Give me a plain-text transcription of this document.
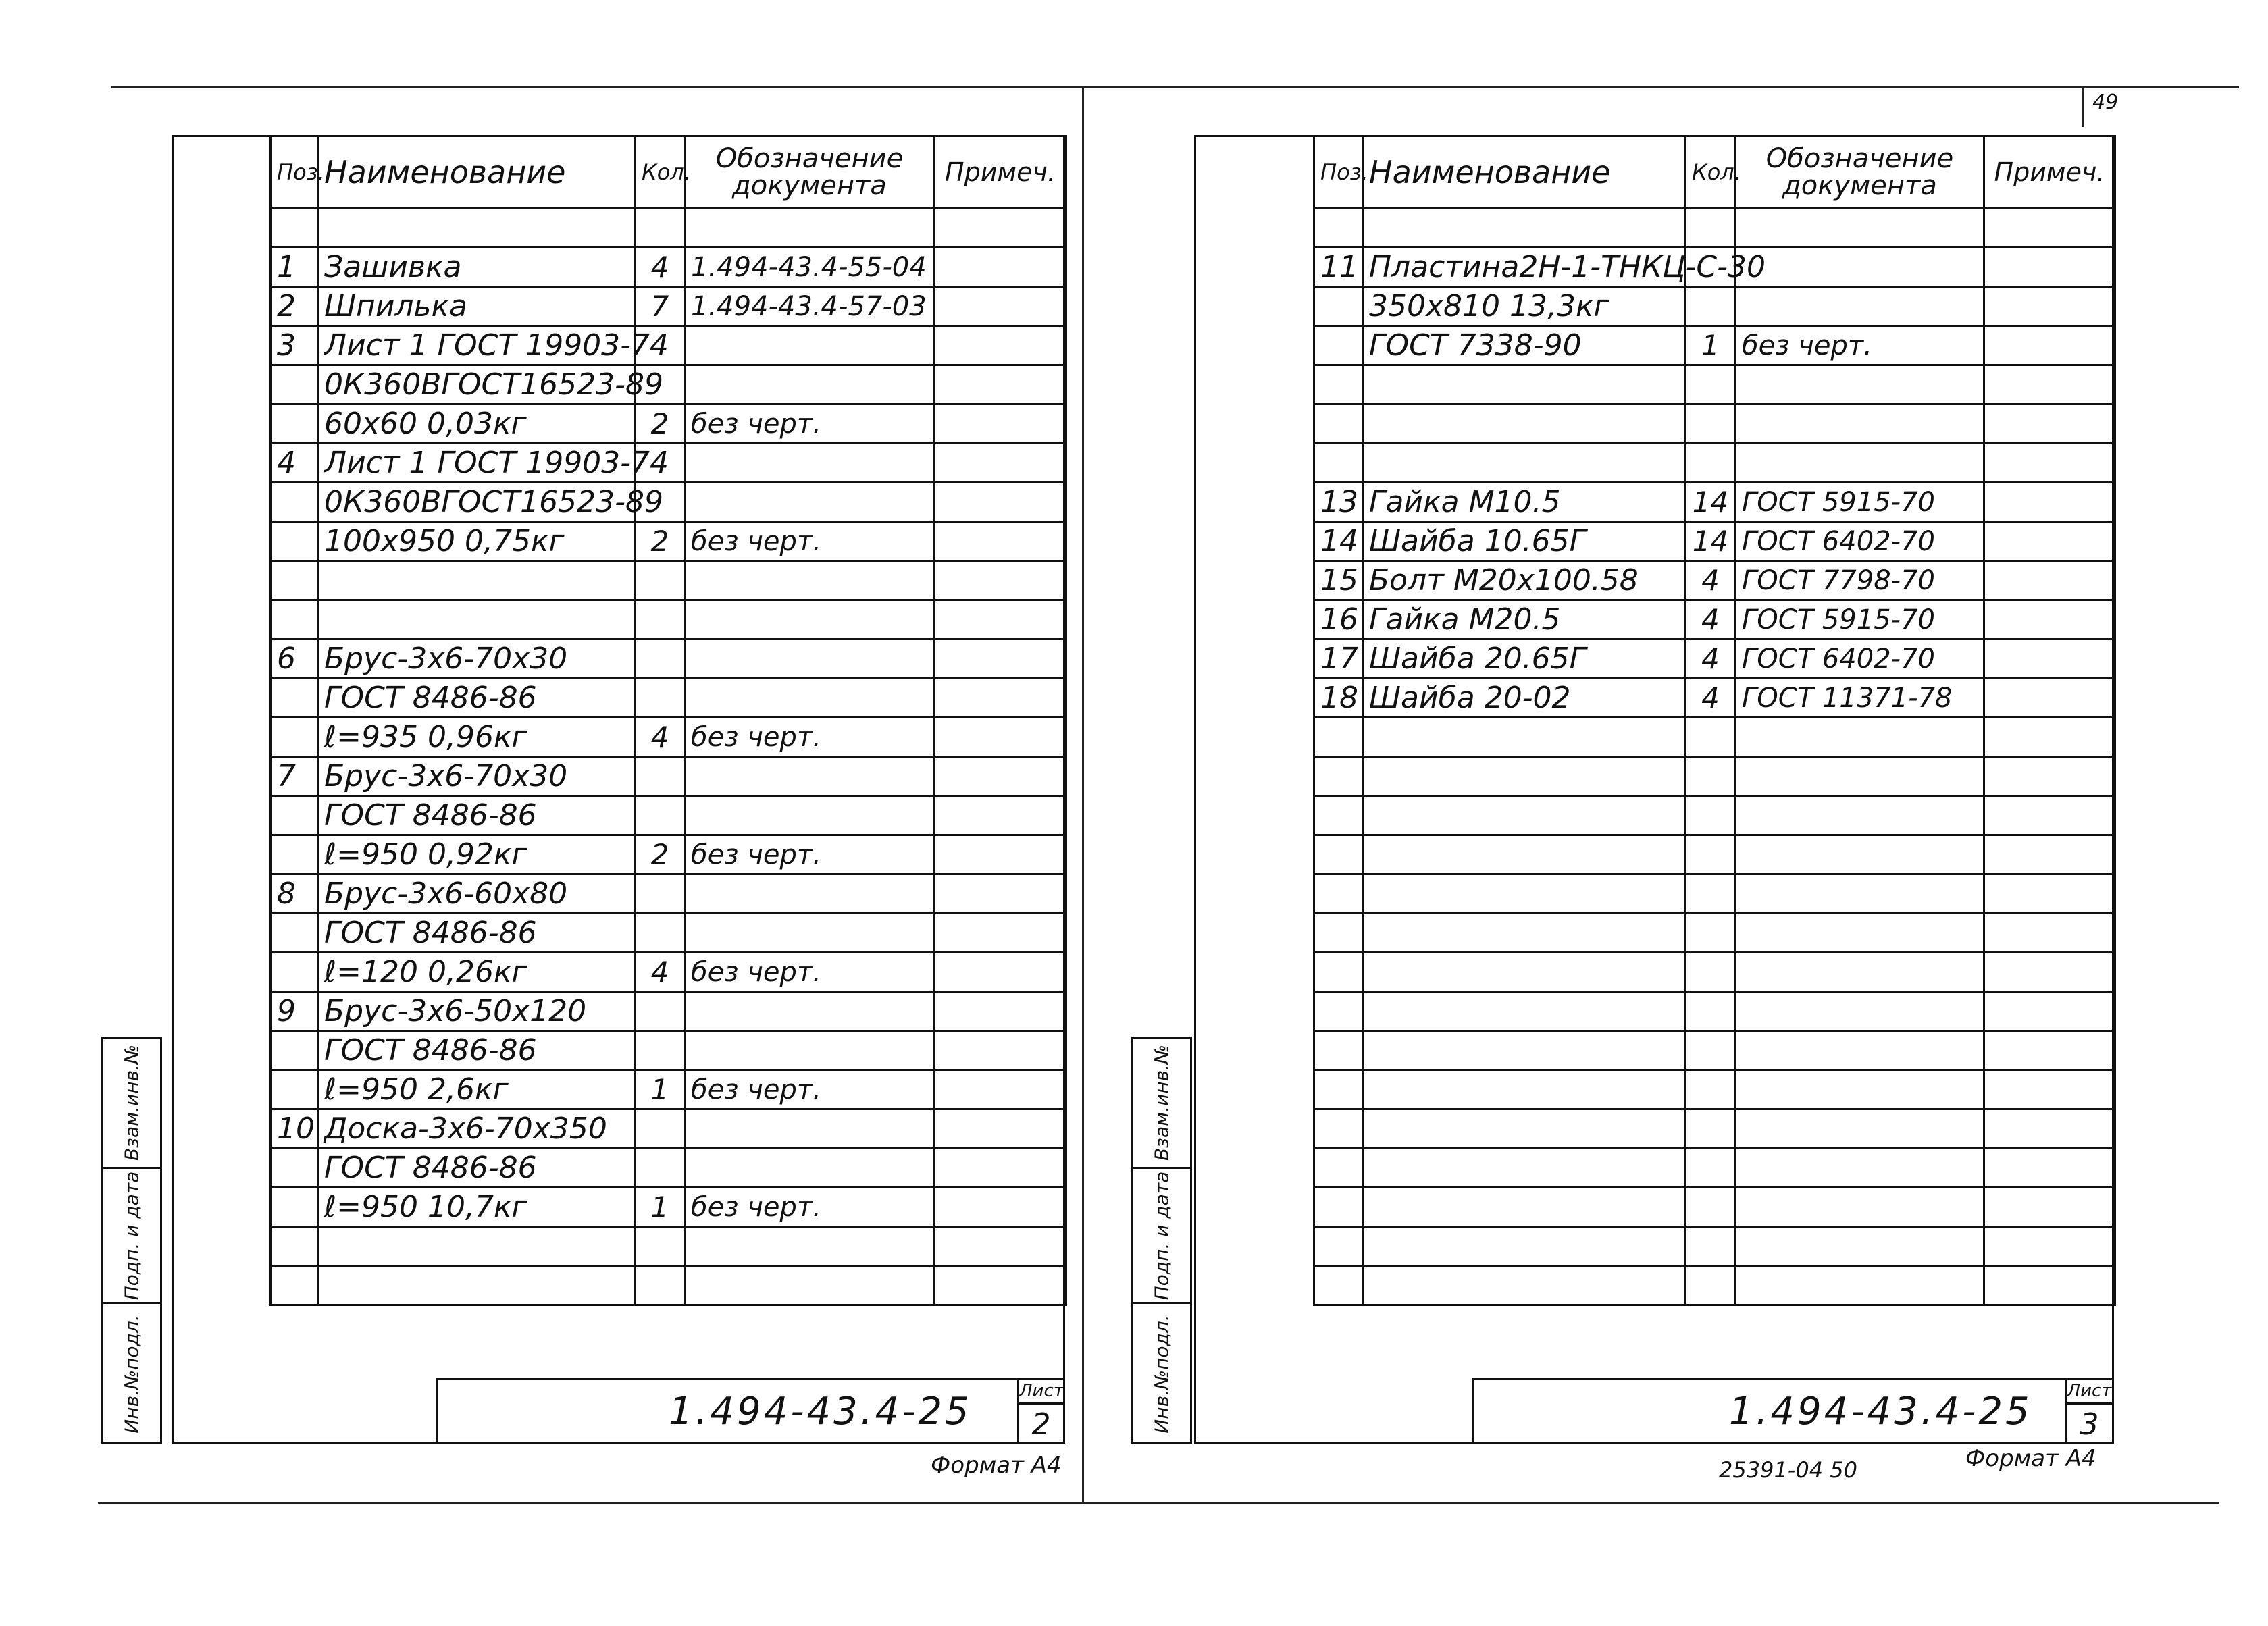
49
Поз.	Наименование	Кол.	Обозначение документа	Примеч.

1	Зашивка	4	1.494-43.4-55-04	
2	Шпилька	7	1.494-43.4-57-03	
3	Лист 1 ГОСТ 19903-74			
	0К360ВГОСТ16523-89			
	60х60 0,03кг	2	без черт.	
4	Лист 1 ГОСТ 19903-74			
	0К360ВГОСТ16523-89			
	100х950 0,75кг	2	без черт.	

6	Брус-3х6-70х30			
	ГОСТ 8486-86			
	ℓ=935 0,96кг	4	без черт.	
7	Брус-3х6-70х30			
	ГОСТ 8486-86			
	ℓ=950 0,92кг	2	без черт.	
8	Брус-3х6-60х80			
	ГОСТ 8486-86			
	ℓ=120 0,26кг	4	без черт.	
9	Брус-3х6-50х120			
	ГОСТ 8486-86			
	ℓ=950 2,6кг	1	без черт.	
10	Доска-3х6-70х350			
	ГОСТ 8486-86			
	ℓ=950 10,7кг	1	без черт.	

1.494-43.4-25	Лист
2
Формат А4
Взам.инв.№
Подп. и дата
Инв.№подл.
Поз.	Наименование	Кол.	Обозначение документа	Примеч.

11	Пластина2Н-1-ТНКЦ-С-30			
	350х810 13,3кг			
	ГОСТ 7338-90	1	без черт.	

13	Гайка М10.5	14	ГОСТ 5915-70	
14	Шайба 10.65Г	14	ГОСТ 6402-70	
15	Болт М20х100.58	4	ГОСТ 7798-70	
16	Гайка М20.5	4	ГОСТ 5915-70	
17	Шайба 20.65Г	4	ГОСТ 6402-70	
18	Шайба 20-02	4	ГОСТ 11371-78	

1.494-43.4-25 Лист
3
Формат А4
25391-04 50
Взам.инв.№
Подп. и дата
Инв.№подл.
